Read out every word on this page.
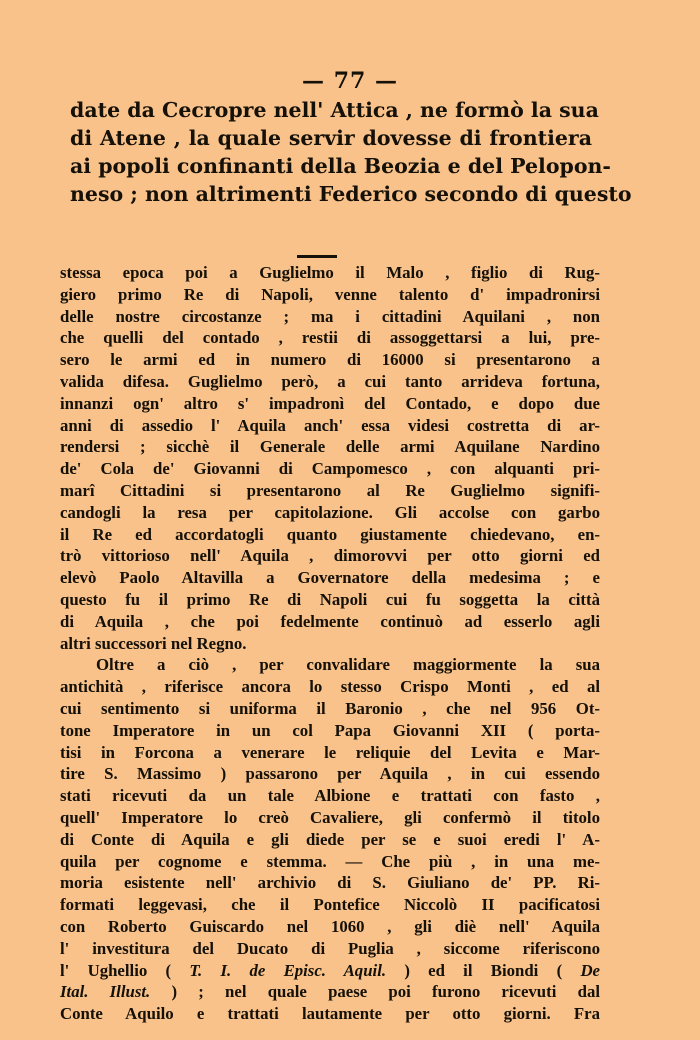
— 77 —
date da Cecropre nell' Attica , ne formò la sua
di Atene , la quale servir dovesse di frontiera
ai popoli confinanti della Beozia e del Pelopon-
neso ; non altrimenti Federico secondo di questo
stessa epoca poi a Guglielmo il Malo , figlio di Rug-
giero primo Re di Napoli, venne talento d' impadronirsi
delle nostre circostanze ; ma i cittadini Aquilani , non
che quelli del contado , restii di assoggettarsi a lui, pre-
sero le armi ed in numero di 16000 si presentarono a
valida difesa. Guglielmo però, a cui tanto arrideva fortuna,
innanzi ogn' altro s' impadronì del Contado, e dopo due
anni di assedio l' Aquila anch' essa videsi costretta di ar-
rendersi ; sicchè il Generale delle armi Aquilane Nardino
de' Cola de' Giovanni di Campomesco , con alquanti pri-
marî Cittadini si presentarono al Re Guglielmo signifi-
candogli la resa per capitolazione. Gli accolse con garbo
il Re ed accordatogli quanto giustamente chiedevano, en-
trò vittorioso nell' Aquila , dimorovvi per otto giorni ed
elevò Paolo Altavilla a Governatore della medesima ; e
questo fu il primo Re di Napoli cui fu soggetta la città
di Aquila , che poi fedelmente continuò ad esserlo agli
altri successori nel Regno.
Oltre a ciò , per convalidare maggiormente la sua
antichità , riferisce ancora lo stesso Crispo Monti , ed al
cui sentimento si uniforma il Baronio , che nel 956 Ot-
tone Imperatore in un col Papa Giovanni XII ( porta-
tisi in Forcona a venerare le reliquie del Levita e Mar-
tire S. Massimo ) passarono per Aquila , in cui essendo
stati ricevuti da un tale Albione e trattati con fasto ,
quell' Imperatore lo creò Cavaliere, gli confermò il titolo
di Conte di Aquila e gli diede per se e suoi eredi l' A-
quila per cognome e stemma. — Che più , in una me-
moria esistente nell' archivio di S. Giuliano de' PP. Ri-
formati leggevasi, che il Pontefice Niccolò II pacificatosi
con Roberto Guiscardo nel 1060 , gli diè nell' Aquila
l' investitura del Ducato di Puglia , siccome riferiscono
l' Ughellio ( T. I. de Episc. Aquil. ) ed il Biondi ( De
Ital. Illust. ) ; nel quale paese poi furono ricevuti dal
Conte Aquilo e trattati lautamente per otto giorni. Fra
